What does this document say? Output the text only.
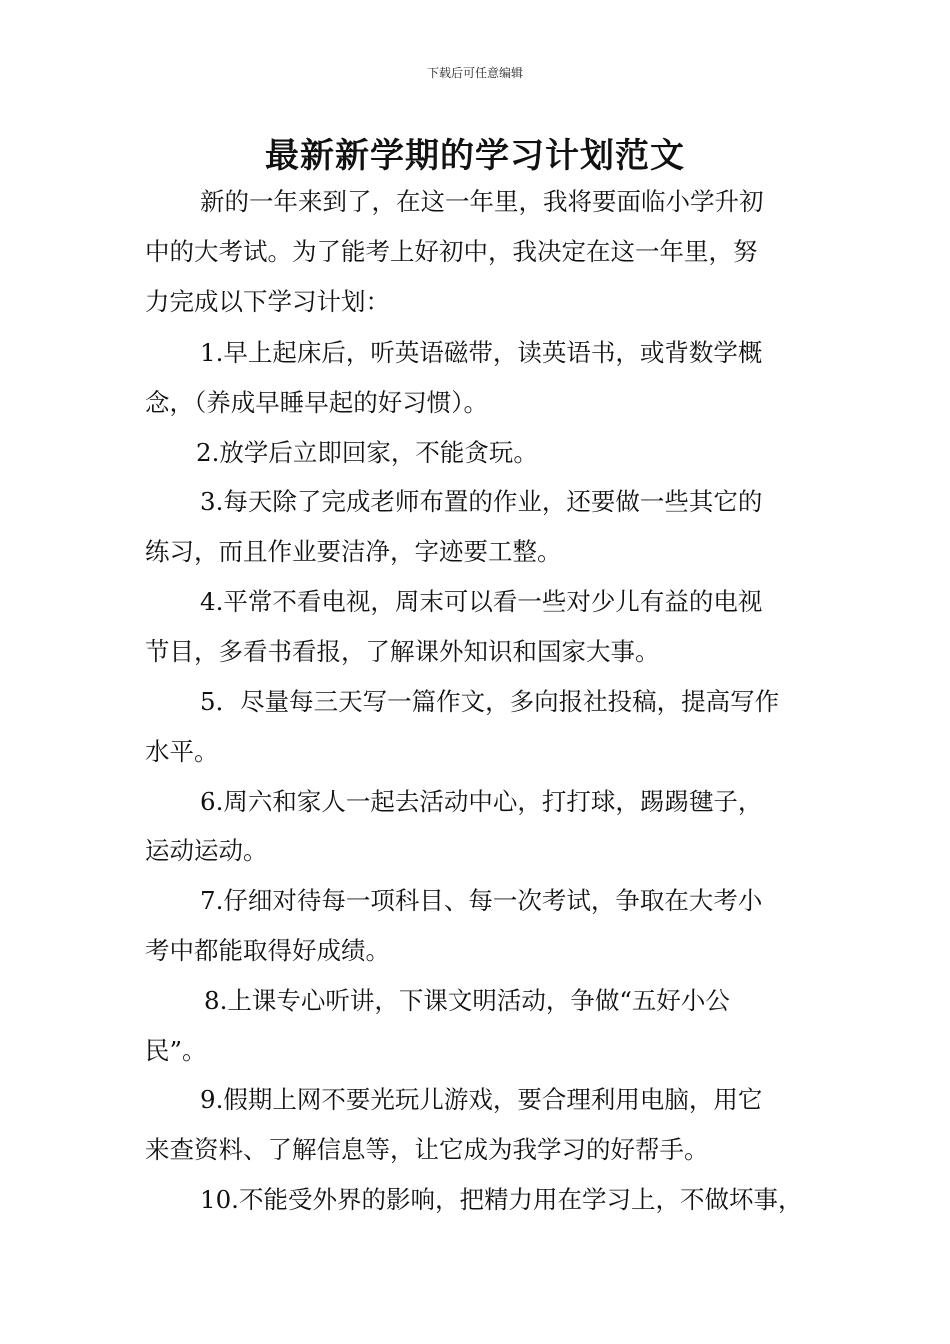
下载后可任意编辑
最新新学期的学习计划范文
新的一年来到了，在这一年里，我将要面临小学升初
中的大考试。为了能考上好初中，我决定在这一年里，努
力完成以下学习计划：
1.早上起床后，听英语磁带，读英语书，或背数学概
念，（养成早睡早起的好习惯）。
2.放学后立即回家，不能贪玩。
3.每天除了完成老师布置的作业，还要做一些其它的
练习，而且作业要洁净，字迹要工整。
4.平常不看电视，周末可以看一些对少儿有益的电视
节目，多看书看报，了解课外知识和国家大事。
5．尽量每三天写一篇作文，多向报社投稿，提高写作
水平。
6.周六和家人一起去活动中心，打打球，踢踢毽子，
运动运动。
7.仔细对待每一项科目、每一次考试，争取在大考小
考中都能取得好成绩。
8.上课专心听讲，下课文明活动，争做“五好小公
民”。
9.假期上网不要光玩儿游戏，要合理利用电脑，用它
来查资料、了解信息等，让它成为我学习的好帮手。
10.不能受外界的影响，把精力用在学习上，不做坏事，
